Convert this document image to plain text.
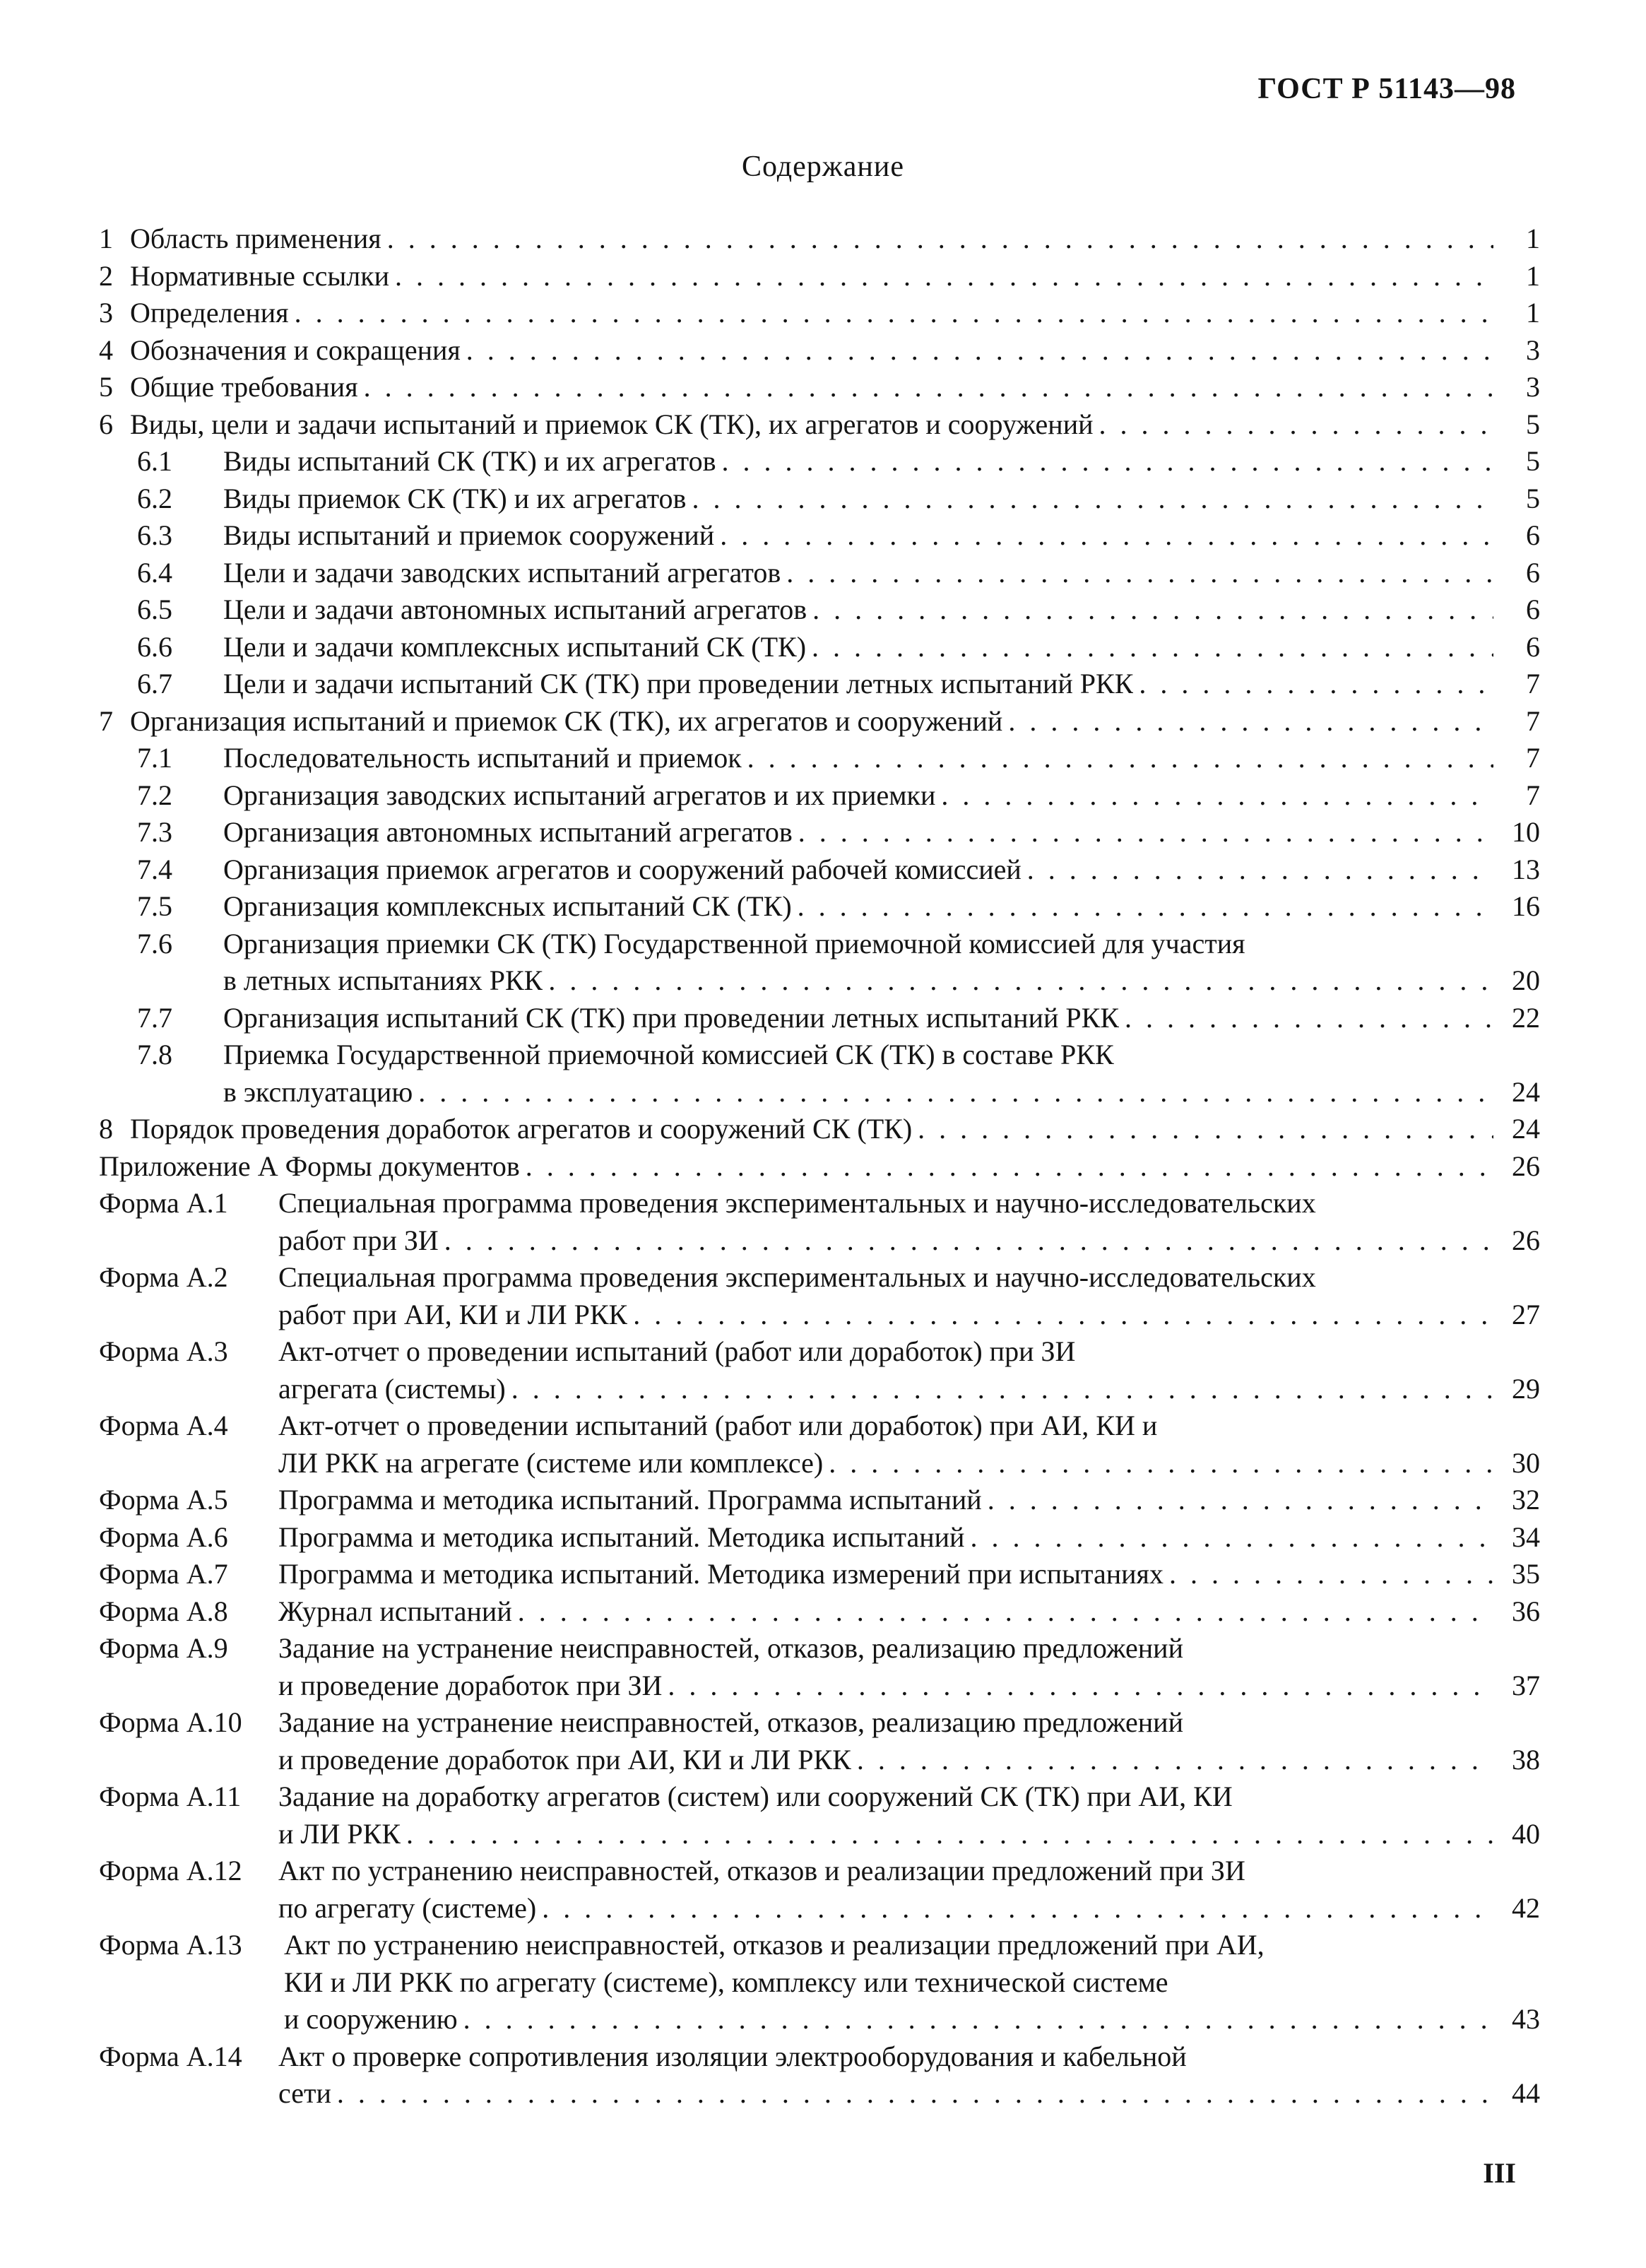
ГОСТ Р 51143—98
Содержание
1 Область применения . . .	1
2 Нормативные ссылки . . .	1
3 Определения . . .	1
4 Обозначения и сокращения . . .	3
5 Общие требования . . .	3
6 Виды, цели и задачи испытаний и приемок СК (ТК), их агрегатов и сооружений . . .	5
6.1	Виды испытаний СК (ТК) и их агрегатов . . .	5
6.2	Виды приемок СК (ТК) и их агрегатов . . .	5
6.3	Виды испытаний и приемок сооружений . . .	6
6.4	Цели и задачи заводских испытаний агрегатов . . .	6
6.5	Цели и задачи автономных испытаний агрегатов . . .	6
6.6	Цели и задачи комплексных испытаний СК (ТК) . . .	6
6.7	Цели и задачи испытаний СК (ТК) при проведении летных испытаний РКК . . .	7
7 Организация испытаний и приемок СК (ТК), их агрегатов и сооружений . . .	7
7.1	Последовательность испытаний и приемок . . .	7
7.2	Организация заводских испытаний агрегатов и их приемки . . .	7
7.3	Организация автономных испытаний агрегатов . . .	10
7.4	Организация приемок агрегатов и сооружений рабочей комиссией . . .	13
7.5	Организация комплексных испытаний СК (ТК) . . .	16
7.6	Организация приемки СК (ТК) Государственной приемочной комиссией для участия
в летных испытаниях РКК . . .	20
7.7	Организация испытаний СК (ТК) при проведении летных испытаний РКК . . .	22
7.8	Приемка Государственной приемочной комиссией СК (ТК) в составе РКК
в эксплуатацию . . .	24
8 Порядок проведения доработок агрегатов и сооружений СК (ТК) . . .	24
Приложение А Формы документов . . .	26
Форма А.1	Специальная программа проведения экспериментальных и научно-исследовательских
работ при ЗИ . . .	26
Форма А.2	Специальная программа проведения экспериментальных и научно-исследовательских
работ при АИ, КИ и ЛИ РКК . . .	27
Форма А.3	Акт-отчет о проведении испытаний (работ или доработок) при ЗИ
агрегата (системы) . . .	29
Форма А.4	Акт-отчет о проведении испытаний (работ или доработок) при АИ, КИ и
ЛИ РКК на агрегате (системе или комплексе) . . .	30
Форма А.5	Программа и методика испытаний. Программа испытаний . . .	32
Форма А.6	Программа и методика испытаний. Методика испытаний . . .	34
Форма А.7	Программа и методика испытаний. Методика измерений при испытаниях . . .	35
Форма А.8	Журнал испытаний . . .	36
Форма А.9	Задание на устранение неисправностей, отказов, реализацию предложений
и проведение доработок при ЗИ . . .	37
Форма А.10	Задание на устранение неисправностей, отказов, реализацию предложений
и проведение доработок при АИ, КИ и ЛИ РКК . . .	38
Форма А.11	Задание на доработку агрегатов (систем) или сооружений СК (ТК) при АИ, КИ
и ЛИ РКК . . .	40
Форма А.12	Акт по устранению неисправностей, отказов и реализации предложений при ЗИ
по агрегату (системе) . . .	42
Форма А.13	Акт по устранению неисправностей, отказов и реализации предложений при АИ,
КИ и ЛИ РКК по агрегату (системе), комплексу или технической системе
и сооружению . . .	43
Форма А.14	Акт о проверке сопротивления изоляции электрооборудования и кабельной
сети . . .	44
III
